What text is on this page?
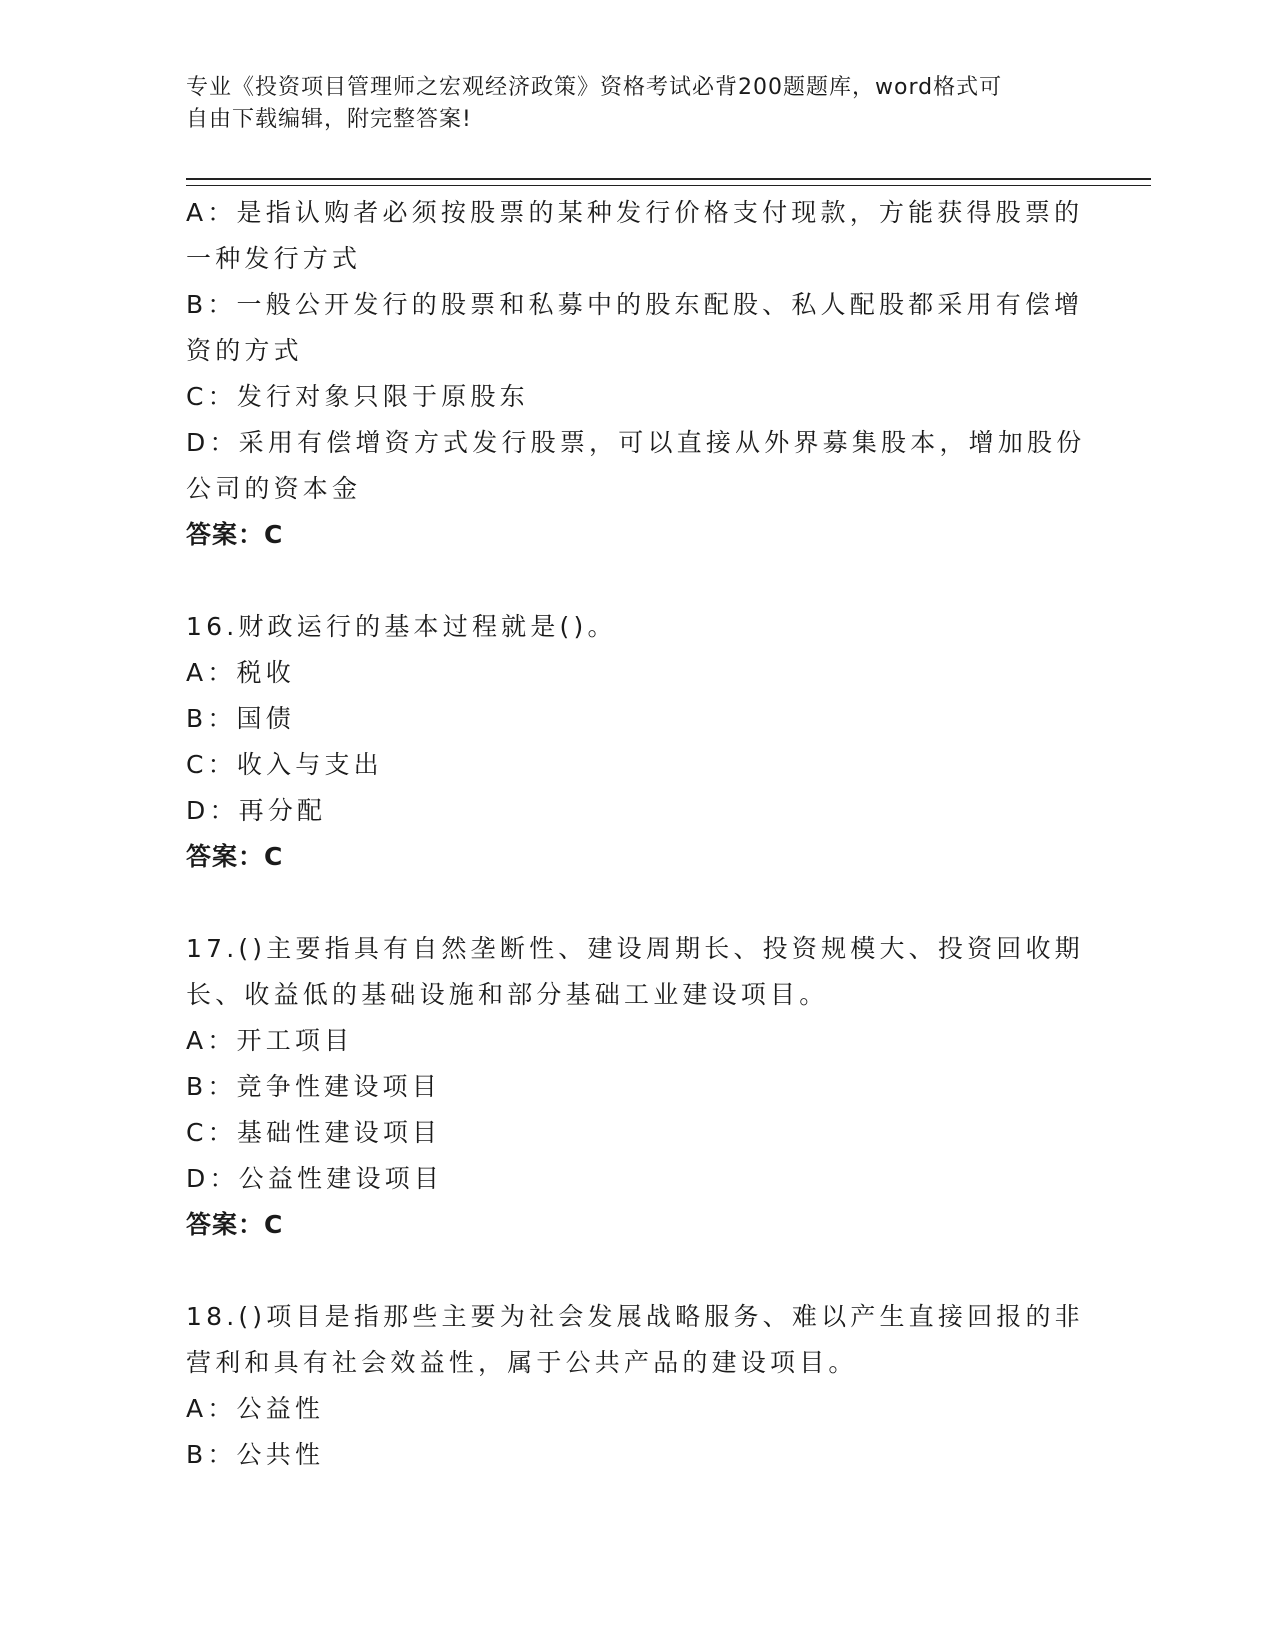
专业《投资项目管理师之宏观经济政策》资格考试必背200题题库，word格式可
自由下载编辑，附完整答案!
A：是指认购者必须按股票的某种发行价格支付现款，方能获得股票的
一种发行方式
B：一般公开发行的股票和私募中的股东配股、私人配股都采用有偿增
资的方式
C：发行对象只限于原股东
D：采用有偿增资方式发行股票，可以直接从外界募集股本，增加股份
公司的资本金
答案：C
16.财政运行的基本过程就是()。
A：税收
B：国债
C：收入与支出
D：再分配
答案：C
17.()主要指具有自然垄断性、建设周期长、投资规模大、投资回收期
长、收益低的基础设施和部分基础工业建设项目。
A：开工项目
B：竞争性建设项目
C：基础性建设项目
D：公益性建设项目
答案：C
18.()项目是指那些主要为社会发展战略服务、难以产生直接回报的非
营利和具有社会效益性，属于公共产品的建设项目。
A：公益性
B：公共性
